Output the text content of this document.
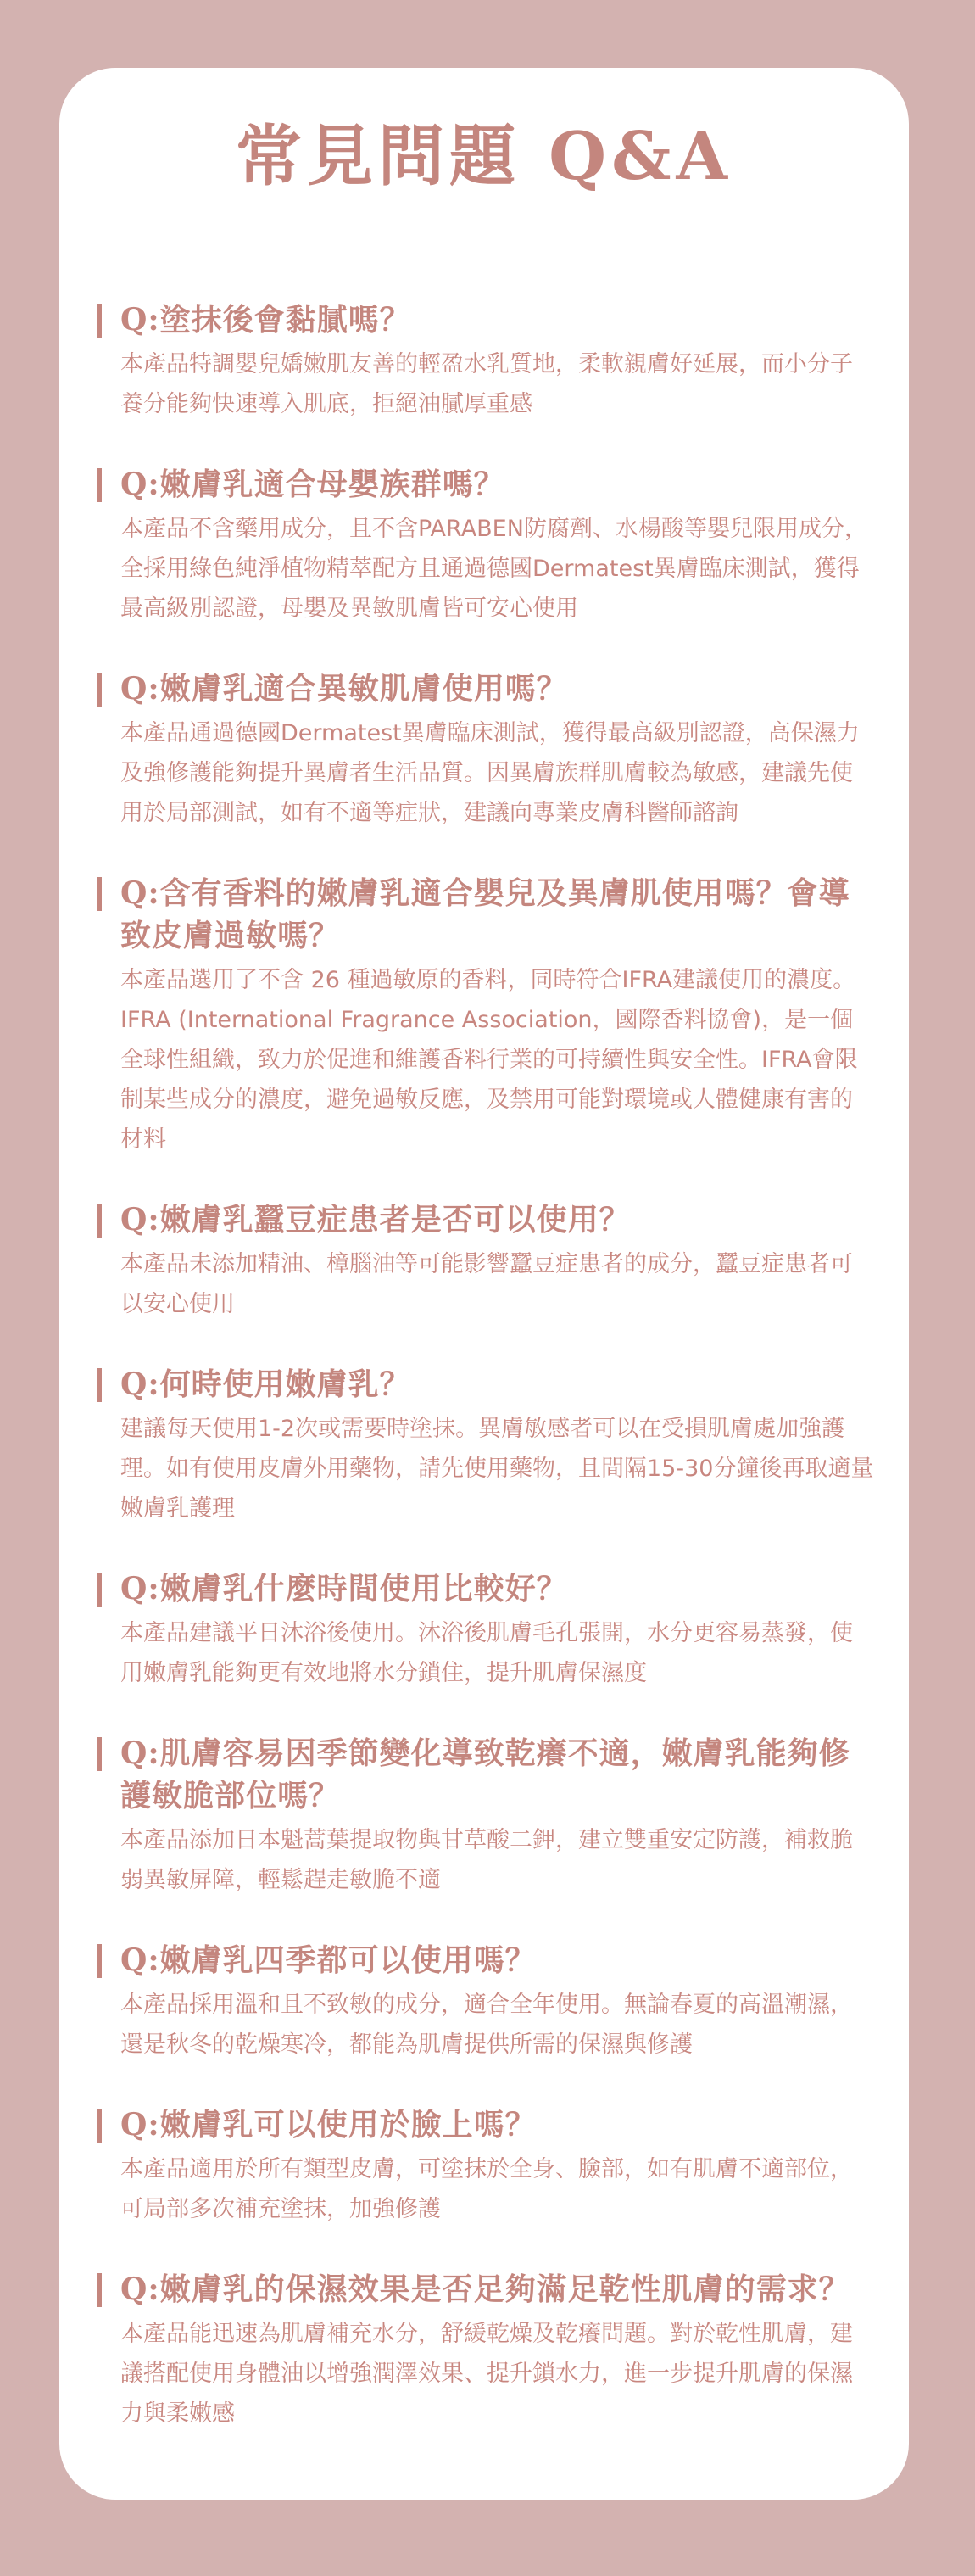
常見問題 Q&A
Q:塗抹後會黏膩嗎？

本產品特調嬰兒嬌嫩肌友善的輕盈水乳質地，柔軟親膚好延展，而小分子養分能夠快速導入肌底，拒絕油膩厚重感

Q:嫩膚乳適合母嬰族群嗎？

本產品不含藥用成分，且不含PARABEN防腐劑、水楊酸等嬰兒限用成分，全採用綠色純淨植物精萃配方且通過德國Dermatest異膚臨床測試，獲得最高級別認證，母嬰及異敏肌膚皆可安心使用

Q:嫩膚乳適合異敏肌膚使用嗎？

本產品通過德國Dermatest異膚臨床測試，獲得最高級別認證，高保濕力及強修護能夠提升異膚者生活品質。因異膚族群肌膚較為敏感，建議先使用於局部測試，如有不適等症狀，建議向專業皮膚科醫師諮詢

Q:含有香料的嫩膚乳適合嬰兒及異膚肌使用嗎？會導致皮膚過敏嗎？

本產品選用了不含 26 種過敏原的香料，同時符合IFRA建議使用的濃度。IFRA (International Fragrance Association，國際香料協會)，是一個全球性組織，致力於促進和維護香料行業的可持續性與安全性。IFRA會限制某些成分的濃度，避免過敏反應，及禁用可能對環境或人體健康有害的材料

Q:嫩膚乳蠶豆症患者是否可以使用？

本產品未添加精油、樟腦油等可能影響蠶豆症患者的成分，蠶豆症患者可以安心使用

Q:何時使用嫩膚乳？

建議每天使用1-2次或需要時塗抹。異膚敏感者可以在受損肌膚處加強護理。如有使用皮膚外用藥物，請先使用藥物，且間隔15-30分鐘後再取適量嫩膚乳護理

Q:嫩膚乳什麼時間使用比較好？

本產品建議平日沐浴後使用。沐浴後肌膚毛孔張開，水分更容易蒸發，使用嫩膚乳能夠更有效地將水分鎖住，提升肌膚保濕度

Q:肌膚容易因季節變化導致乾癢不適，嫩膚乳能夠修護敏脆部位嗎？

本產品添加日本魁蒿葉提取物與甘草酸二鉀，建立雙重安定防護，補救脆弱異敏屏障，輕鬆趕走敏脆不適

Q:嫩膚乳四季都可以使用嗎？

本產品採用溫和且不致敏的成分，適合全年使用。無論春夏的高溫潮濕，還是秋冬的乾燥寒冷，都能為肌膚提供所需的保濕與修護

Q:嫩膚乳可以使用於臉上嗎？

本產品適用於所有類型皮膚，可塗抹於全身、臉部，如有肌膚不適部位，可局部多次補充塗抹，加強修護

Q:嫩膚乳的保濕效果是否足夠滿足乾性肌膚的需求？

本產品能迅速為肌膚補充水分，舒緩乾燥及乾癢問題。對於乾性肌膚，建議搭配使用身體油以增強潤澤效果、提升鎖水力，進一步提升肌膚的保濕力與柔嫩感
